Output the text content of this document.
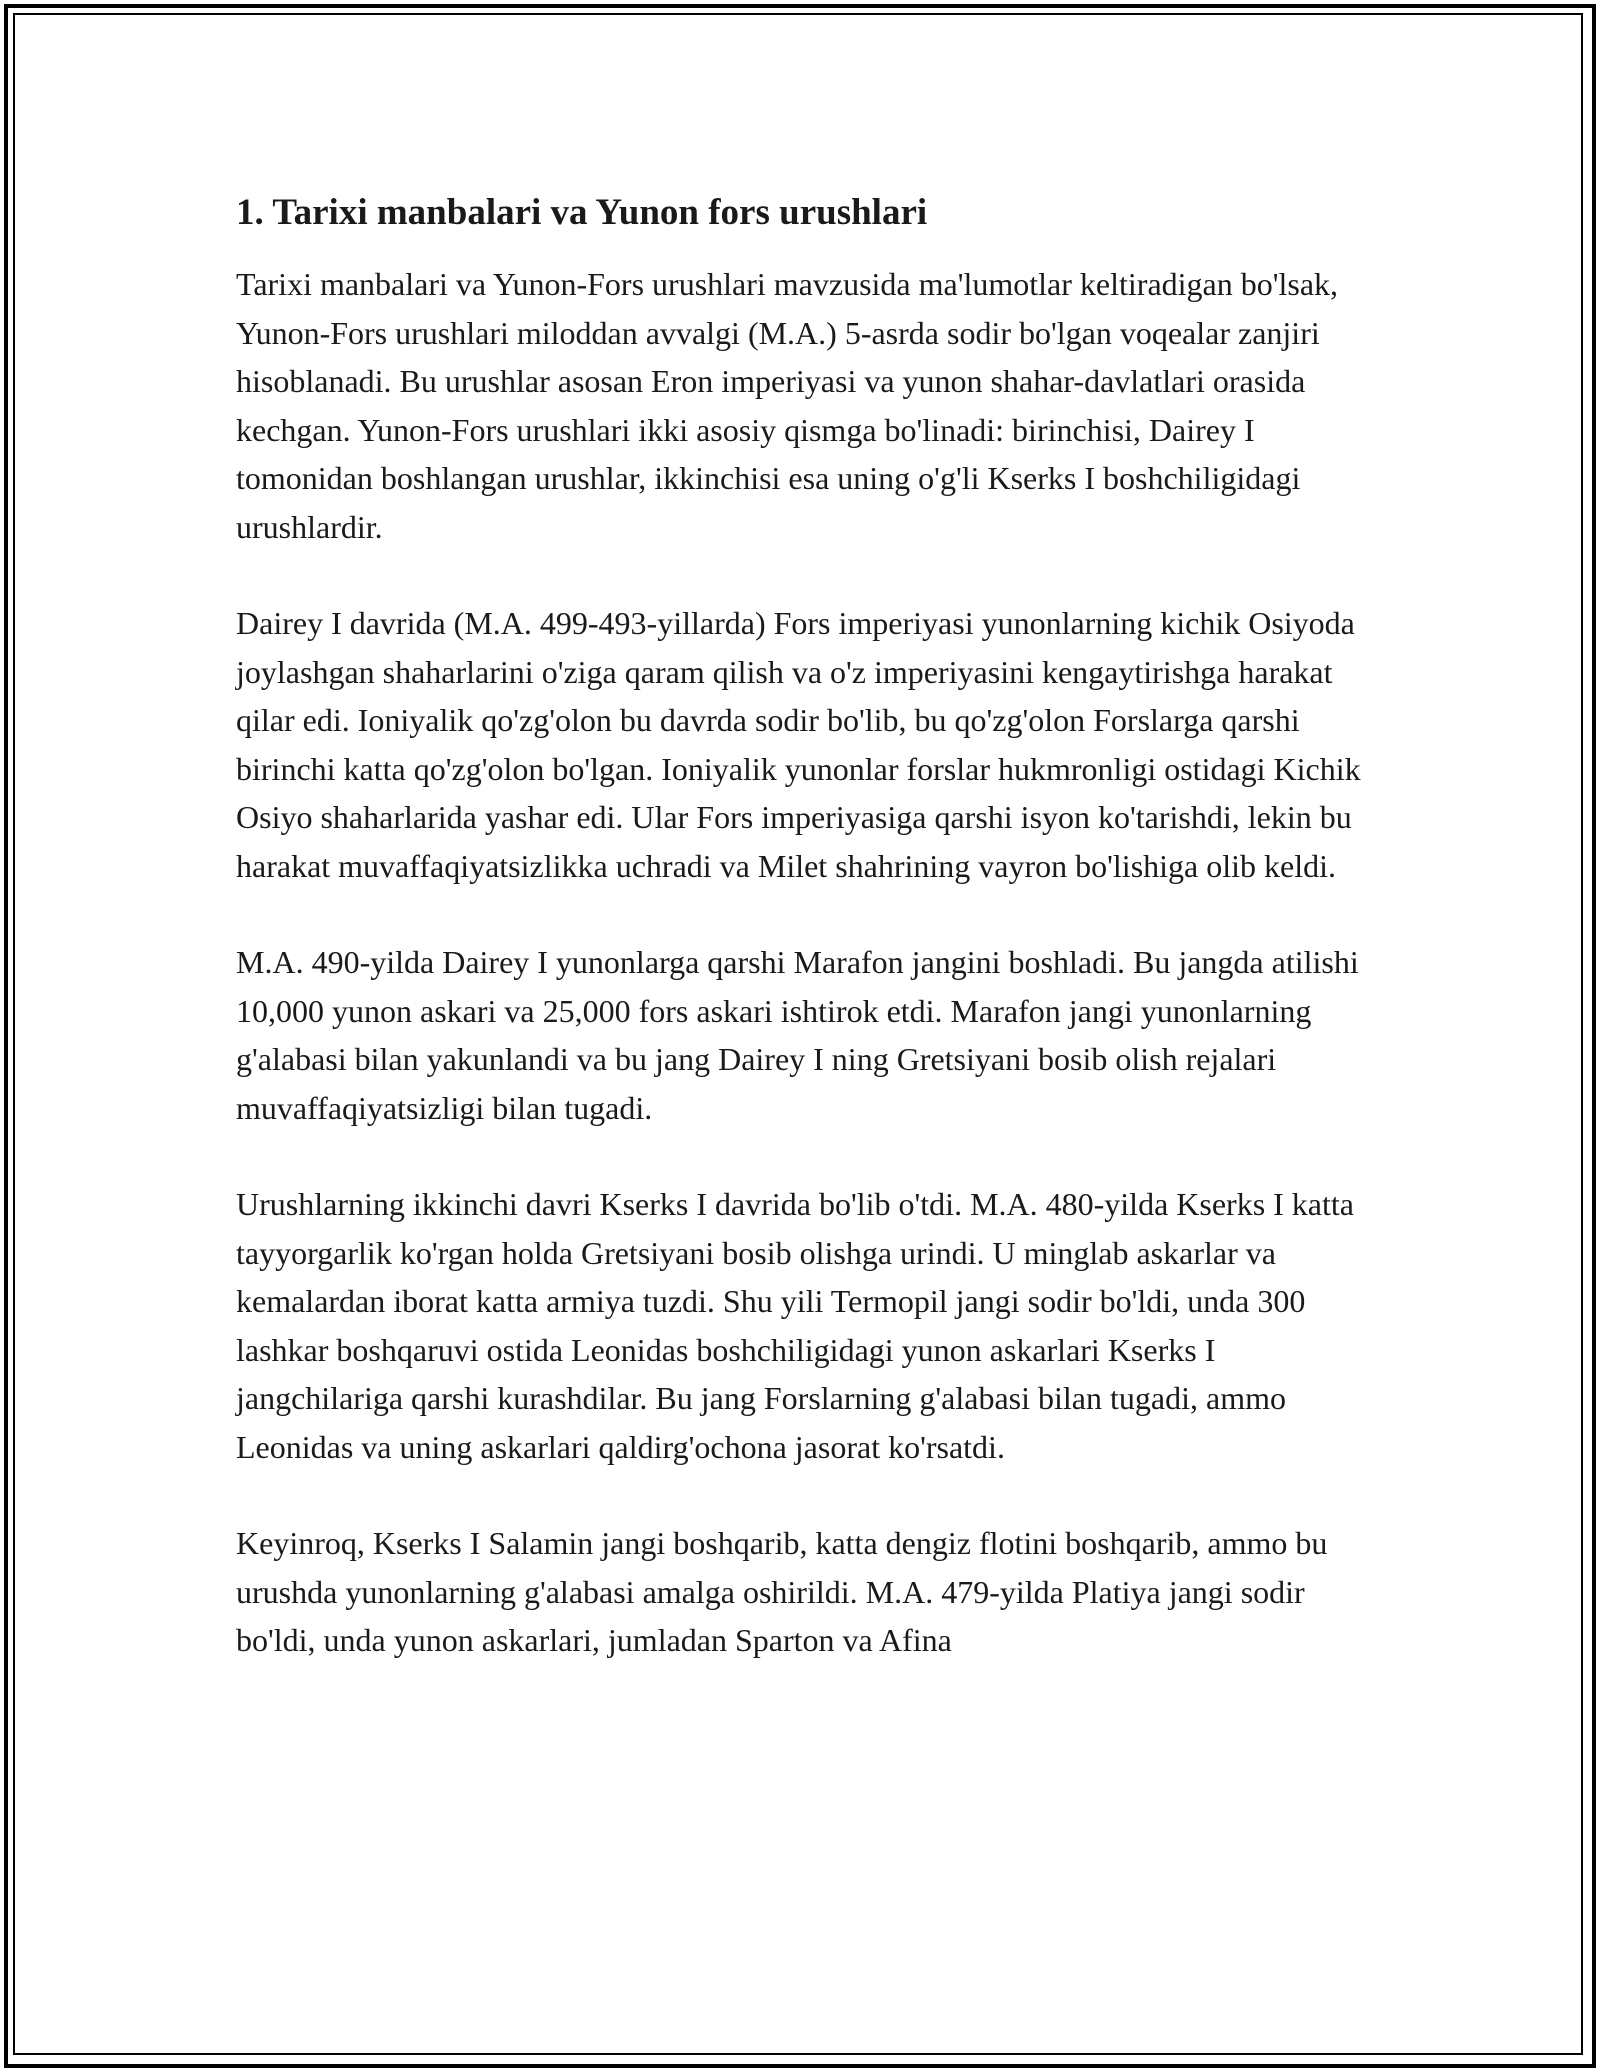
1. Tarixi manbalari va Yunon fors urushlari

Tarixi manbalari va Yunon-Fors urushlari mavzusida ma'lumotlar keltiradigan bo'lsak, Yunon-Fors urushlari miloddan avvalgi (M.A.) 5-asrda sodir bo'lgan voqealar zanjiri hisoblanadi. Bu urushlar asosan Eron imperiyasi va yunon shahar-davlatlari orasida kechgan. Yunon-Fors urushlari ikki asosiy qismga bo'linadi: birinchisi, Dairey I tomonidan boshlangan urushlar, ikkinchisi esa uning o'g'li Kserks I boshchiligidagi urushlardir.

Dairey I davrida (M.A. 499-493-yillarda) Fors imperiyasi yunonlarning kichik Osiyoda joylashgan shaharlarini o'ziga qaram qilish va o'z imperiyasini kengaytirishga harakat qilar edi. Ioniyalik qo'zg'olon bu davrda sodir bo'lib, bu qo'zg'olon Forslarga qarshi birinchi katta qo'zg'olon bo'lgan. Ioniyalik yunonlar forslar hukmronligi ostidagi Kichik Osiyo shaharlarida yashar edi. Ular Fors imperiyasiga qarshi isyon ko'tarishdi, lekin bu harakat muvaffaqiyatsizlikka uchradi va Milet shahrining vayron bo'lishiga olib keldi.

M.A. 490-yilda Dairey I yunonlarga qarshi Marafon jangini boshladi. Bu jangda atilishi 10,000 yunon askari va 25,000 fors askari ishtirok etdi. Marafon jangi yunonlarning g'alabasi bilan yakunlandi va bu jang Dairey I ning Gretsiyani bosib olish rejalari muvaffaqiyatsizligi bilan tugadi.

Urushlarning ikkinchi davri Kserks I davrida bo'lib o'tdi. M.A. 480-yilda Kserks I katta tayyorgarlik ko'rgan holda Gretsiyani bosib olishga urindi. U minglab askarlar va kemalardan iborat katta armiya tuzdi. Shu yili Termopil jangi sodir bo'ldi, unda 300 lashkar boshqaruvi ostida Leonidas boshchiligidagi yunon askarlari Kserks I jangchilariga qarshi kurashdilar. Bu jang Forslarning g'alabasi bilan tugadi, ammo Leonidas va uning askarlari qaldirg'ochona jasorat ko'rsatdi.

Keyinroq, Kserks I Salamin jangi boshqarib, katta dengiz flotini boshqarib, ammo bu urushda yunonlarning g'alabasi amalga oshirildi. M.A. 479-yilda Platiya jangi sodir bo'ldi, unda yunon askarlari, jumladan Sparton va Afina
